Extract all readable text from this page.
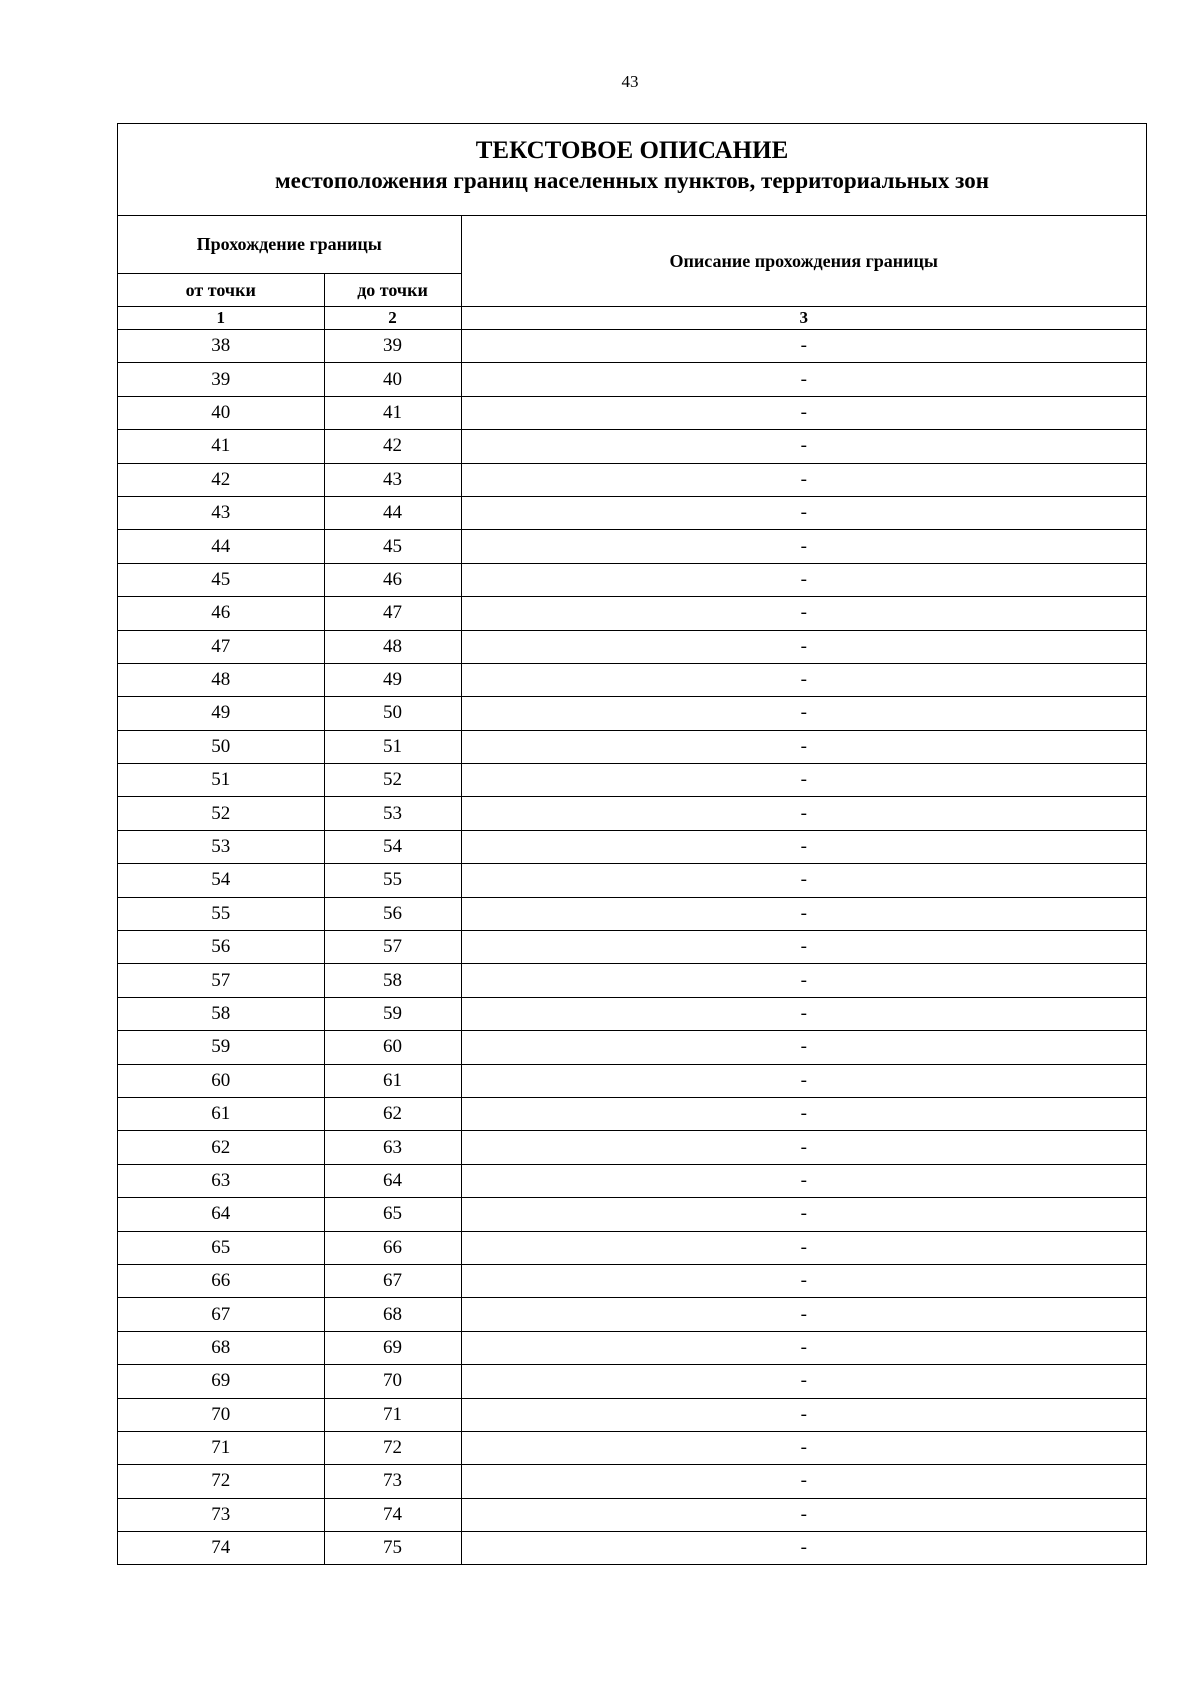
43
ТЕКСТОВОЕ ОПИСАНИЕ
местоположения границ населенных пунктов, территориальных зон
Прохождение границы		Описание прохождения границы
от точки	до точки	
1	2	3
38	39	-
39	40	-
40	41	-
41	42	-
42	43	-
43	44	-
44	45	-
45	46	-
46	47	-
47	48	-
48	49	-
49	50	-
50	51	-
51	52	-
52	53	-
53	54	-
54	55	-
55	56	-
56	57	-
57	58	-
58	59	-
59	60	-
60	61	-
61	62	-
62	63	-
63	64	-
64	65	-
65	66	-
66	67	-
67	68	-
68	69	-
69	70	-
70	71	-
71	72	-
72	73	-
73	74	-
74	75	-
